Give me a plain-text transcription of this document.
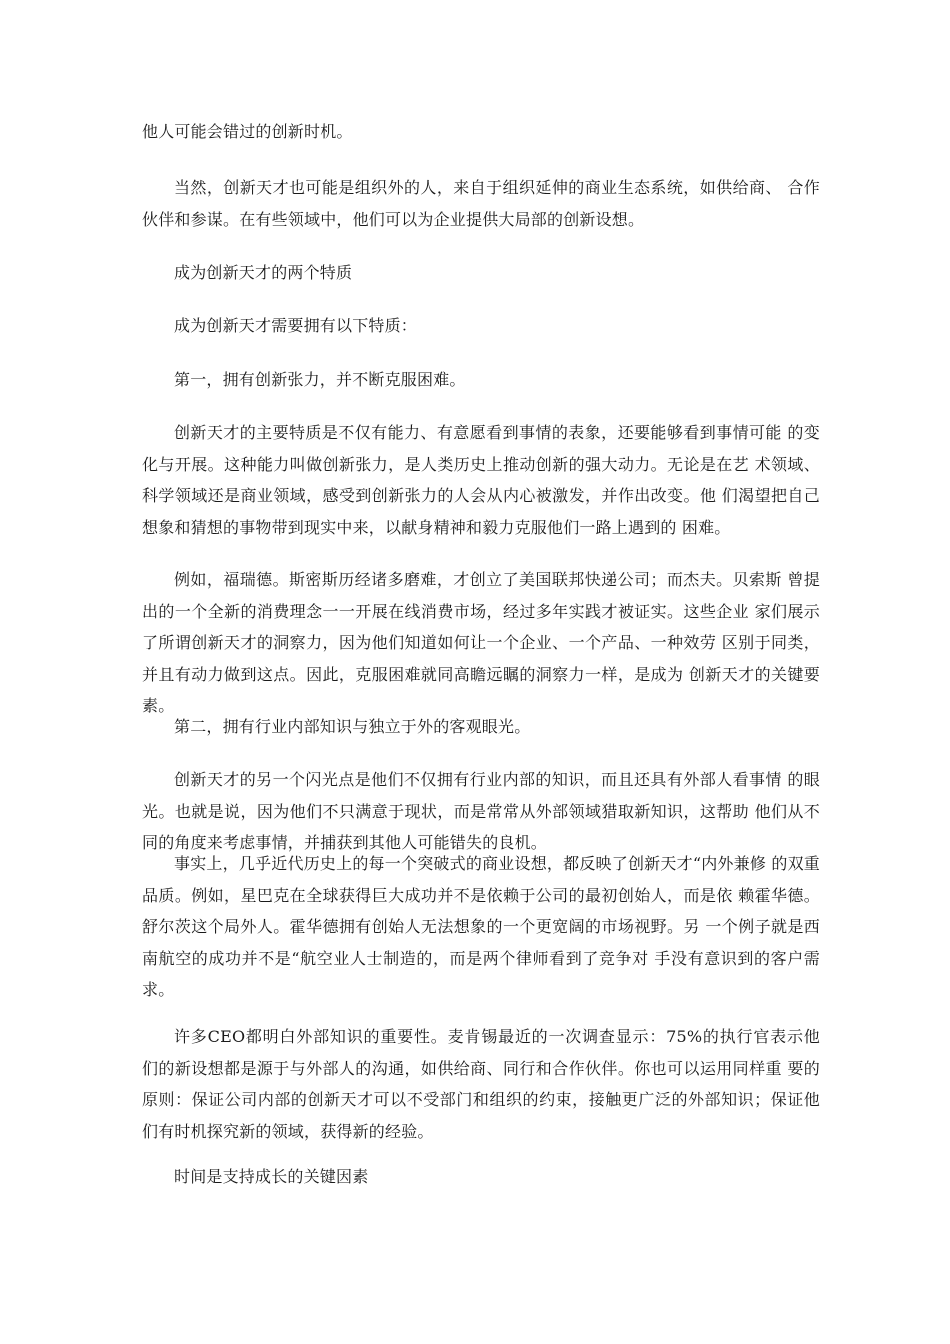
他人可能会错过的创新时机。

当然，创新天才也可能是组织外的人，来自于组织延伸的商业生态系统，如供给商、 合作伙伴和参谋。在有些领域中，他们可以为企业提供大局部的创新设想。

成为创新天才的两个特质

成为创新天才需要拥有以下特质：

第一，拥有创新张力，并不断克服困难。

创新天才的主要特质是不仅有能力、有意愿看到事情的表象，还要能够看到事情可能 的变化与开展。这种能力叫做创新张力，是人类历史上推动创新的强大动力。无论是在艺 术领域、科学领域还是商业领域，感受到创新张力的人会从内心被激发，并作出改变。他 们渴望把自己想象和猜想的事物带到现实中来，以献身精神和毅力克服他们一路上遇到的 困难。

例如，福瑞德。斯密斯历经诸多磨难，才创立了美国联邦快递公司；而杰夫。贝索斯 曾提出的一个全新的消费理念一一开展在线消费市场，经过多年实践才被证实。这些企业 家们展示了所谓创新天才的洞察力，因为他们知道如何让一个企业、一个产品、一种效劳 区别于同类，并且有动力做到这点。因此，克服困难就同高瞻远瞩的洞察力一样，是成为 创新天才的关键要素。

第二，拥有行业内部知识与独立于外的客观眼光。

创新天才的另一个闪光点是他们不仅拥有行业内部的知识，而且还具有外部人看事情 的眼光。也就是说，因为他们不只满意于现状，而是常常从外部领域猎取新知识，这帮助 他们从不同的角度来考虑事情，并捕获到其他人可能错失的良机。

事实上，几乎近代历史上的每一个突破式的商业设想，都反映了创新天才“内外兼修 的双重品质。例如，星巴克在全球获得巨大成功并不是依赖于公司的最初创始人，而是依 赖霍华德。舒尔茨这个局外人。霍华德拥有创始人无法想象的一个更宽阔的市场视野。另 一个例子就是西南航空的成功并不是“航空业人士制造的，而是两个律师看到了竞争对 手没有意识到的客户需求。

许多CEO都明白外部知识的重要性。麦肯锡最近的一次调查显示：75%的执行官表示他 们的新设想都是源于与外部人的沟通，如供给商、同行和合作伙伴。你也可以运用同样重 要的原则：保证公司内部的创新天才可以不受部门和组织的约束，接触更广泛的外部知识；保证他们有时机探究新的领域，获得新的经验。

时间是支持成长的关键因素
